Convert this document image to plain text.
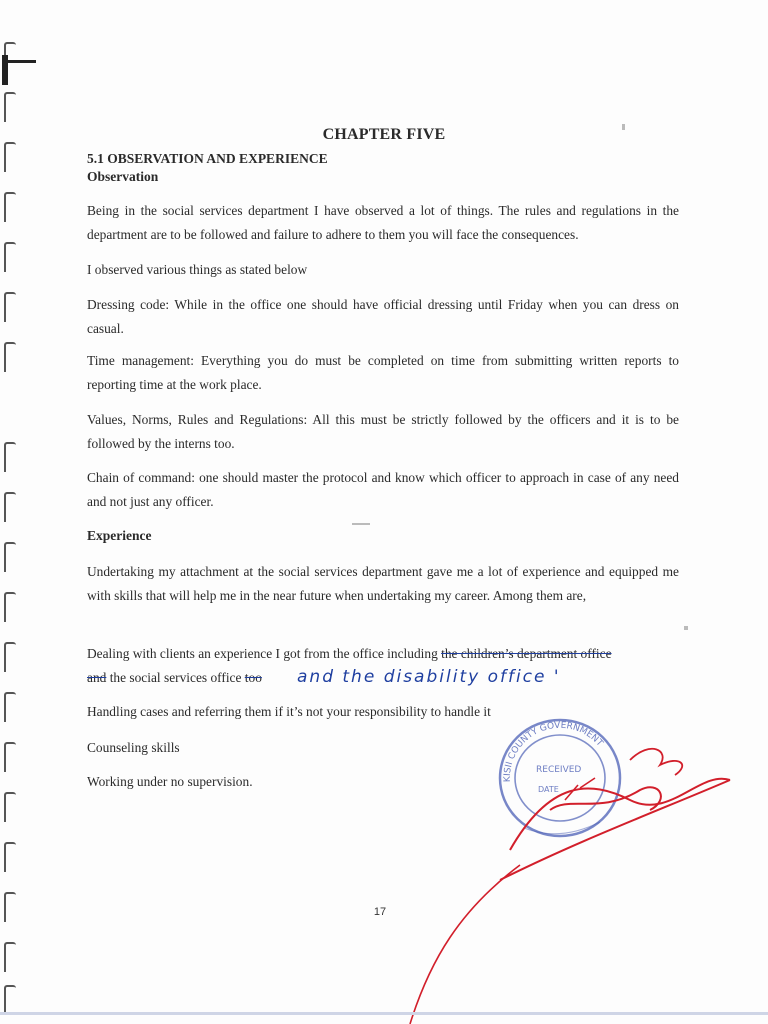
CHAPTER FIVE
5.1 OBSERVATION AND EXPERIENCE
Observation
Being in the social services department I have observed a lot of things. The rules and regulations in the department are to be followed and failure to adhere to them you will face the consequences.
I observed various things as stated below
Dressing code: While in the office one should have official dressing until Friday when you can dress on casual.
Time management: Everything you do must be completed on time from submitting written reports to reporting time at the work place.
Values, Norms, Rules and Regulations: All this must be strictly followed by the officers and it is to be followed by the interns too.
Chain of command: one should master the protocol and know which officer to approach in case of any need and not just any officer.
Experience
Undertaking my attachment at the social services department gave me a lot of experience and equipped me with skills that will help me in the near future when undertaking my career. Among them are,
Dealing with clients an experience I got from the office including the children’s department office
and the social services office too	and the disability office '
Handling cases and referring them if it’s not your responsibility to handle it
Counseling skills
Working under no supervision.	KISII COUNTY GOVERNMENT
RECEIVED
DATE
17
